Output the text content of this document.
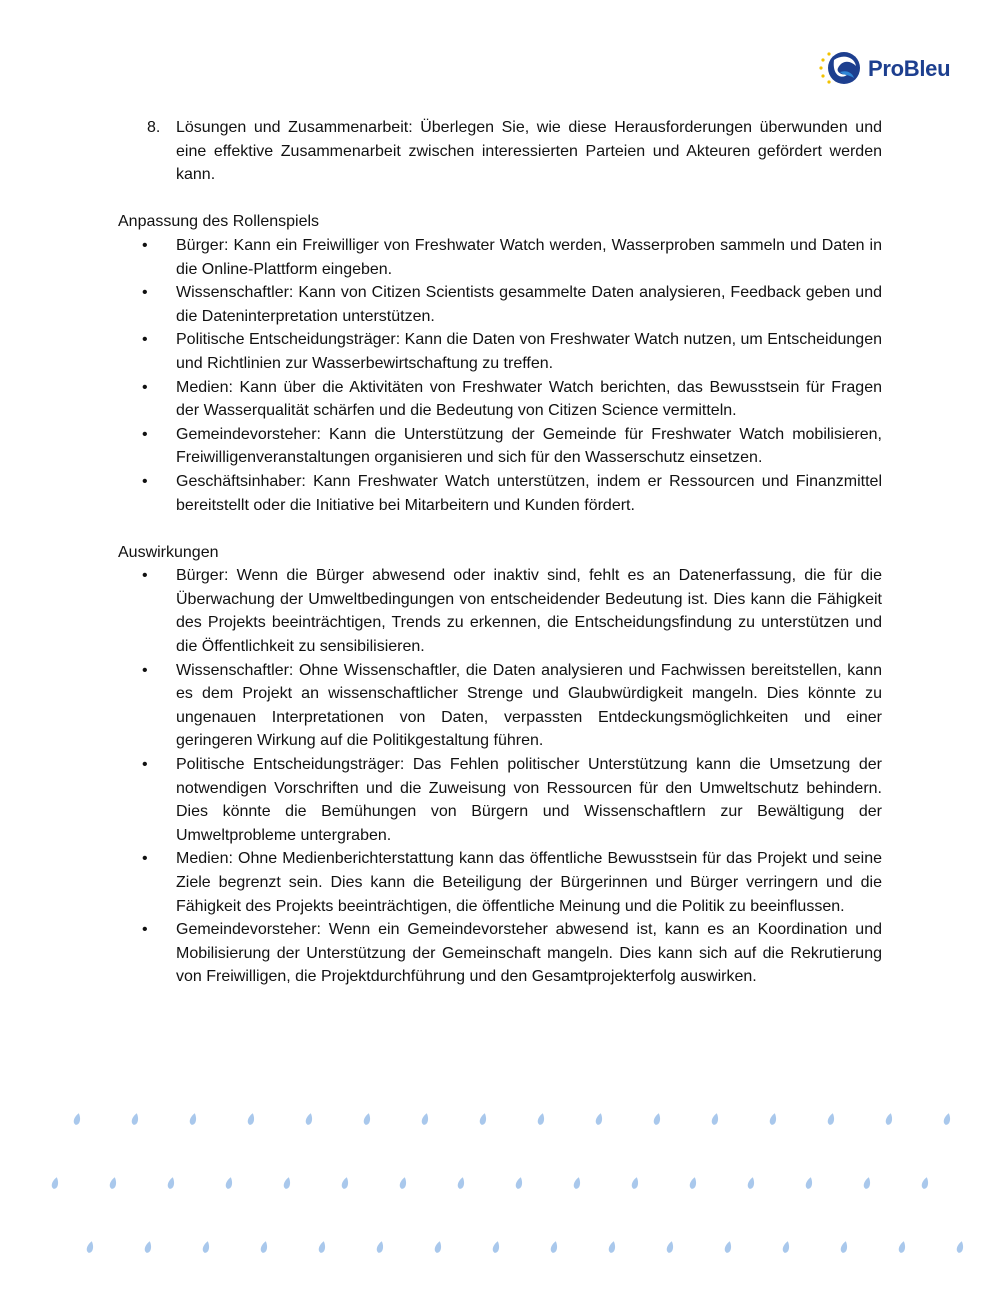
ProBleu
8. Lösungen und Zusammenarbeit: Überlegen Sie, wie diese Herausforderungen überwunden und eine effektive Zusammenarbeit zwischen interessierten Parteien und Akteuren gefördert werden kann.
Anpassung des Rollenspiels
• Bürger: Kann ein Freiwilliger von Freshwater Watch werden, Wasserproben sammeln und Daten in die Online-Plattform eingeben.
• Wissenschaftler: Kann von Citizen Scientists gesammelte Daten analysieren, Feedback geben und die Dateninterpretation unterstützen.
• Politische Entscheidungsträger: Kann die Daten von Freshwater Watch nutzen, um Entscheidungen und Richtlinien zur Wasserbewirtschaftung zu treffen.
• Medien: Kann über die Aktivitäten von Freshwater Watch berichten, das Bewusstsein für Fragen der Wasserqualität schärfen und die Bedeutung von Citizen Science vermitteln.
• Gemeindevorsteher: Kann die Unterstützung der Gemeinde für Freshwater Watch mobilisieren, Freiwilligenveranstaltungen organisieren und sich für den Wasserschutz einsetzen.
• Geschäftsinhaber: Kann Freshwater Watch unterstützen, indem er Ressourcen und Finanzmittel bereitstellt oder die Initiative bei Mitarbeitern und Kunden fördert.
Auswirkungen
• Bürger: Wenn die Bürger abwesend oder inaktiv sind, fehlt es an Datenerfassung, die für die Überwachung der Umweltbedingungen von entscheidender Bedeutung ist. Dies kann die Fähigkeit des Projekts beeinträchtigen, Trends zu erkennen, die Entscheidungsfindung zu unterstützen und die Öffentlichkeit zu sensibilisieren.
• Wissenschaftler: Ohne Wissenschaftler, die Daten analysieren und Fachwissen bereitstellen, kann es dem Projekt an wissenschaftlicher Strenge und Glaubwürdigkeit mangeln. Dies könnte zu ungenauen Interpretationen von Daten, verpassten Entdeckungsmöglichkeiten und einer geringeren Wirkung auf die Politikgestaltung führen.
• Politische Entscheidungsträger: Das Fehlen politischer Unterstützung kann die Umsetzung der notwendigen Vorschriften und die Zuweisung von Ressourcen für den Umweltschutz behindern. Dies könnte die Bemühungen von Bürgern und Wissenschaftlern zur Bewältigung der Umweltprobleme untergraben.
• Medien: Ohne Medienberichterstattung kann das öffentliche Bewusstsein für das Projekt und seine Ziele begrenzt sein. Dies kann die Beteiligung der Bürgerinnen und Bürger verringern und die Fähigkeit des Projekts beeinträchtigen, die öffentliche Meinung und die Politik zu beeinflussen.
• Gemeindevorsteher: Wenn ein Gemeindevorsteher abwesend ist, kann es an Koordination und Mobilisierung der Unterstützung der Gemeinschaft mangeln. Dies kann sich auf die Rekrutierung von Freiwilligen, die Projektdurchführung und den Gesamtprojekterfolg auswirken.
